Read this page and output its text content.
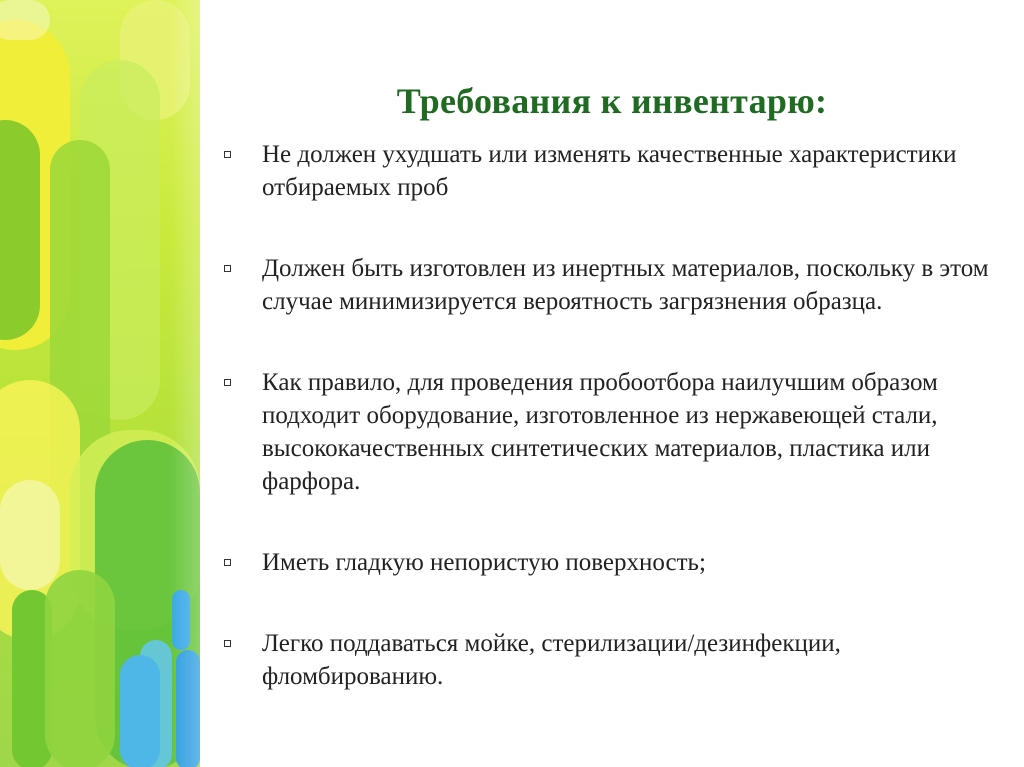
Требования к инвентарю:
Не должен ухудшать или изменять качественные характеристики отбираемых проб
Должен быть изготовлен из инертных материалов, поскольку в этом случае минимизируется вероятность загрязнения образца.
Как правило, для проведения пробоотбора наилучшим образом подходит оборудование, изготовленное из нержавеющей стали, высококачественных синтетических материалов, пластика или фарфора.
Иметь гладкую непористую поверхность;
Легко поддаваться мойке, стерилизации/дезинфекции, фломбированию.
